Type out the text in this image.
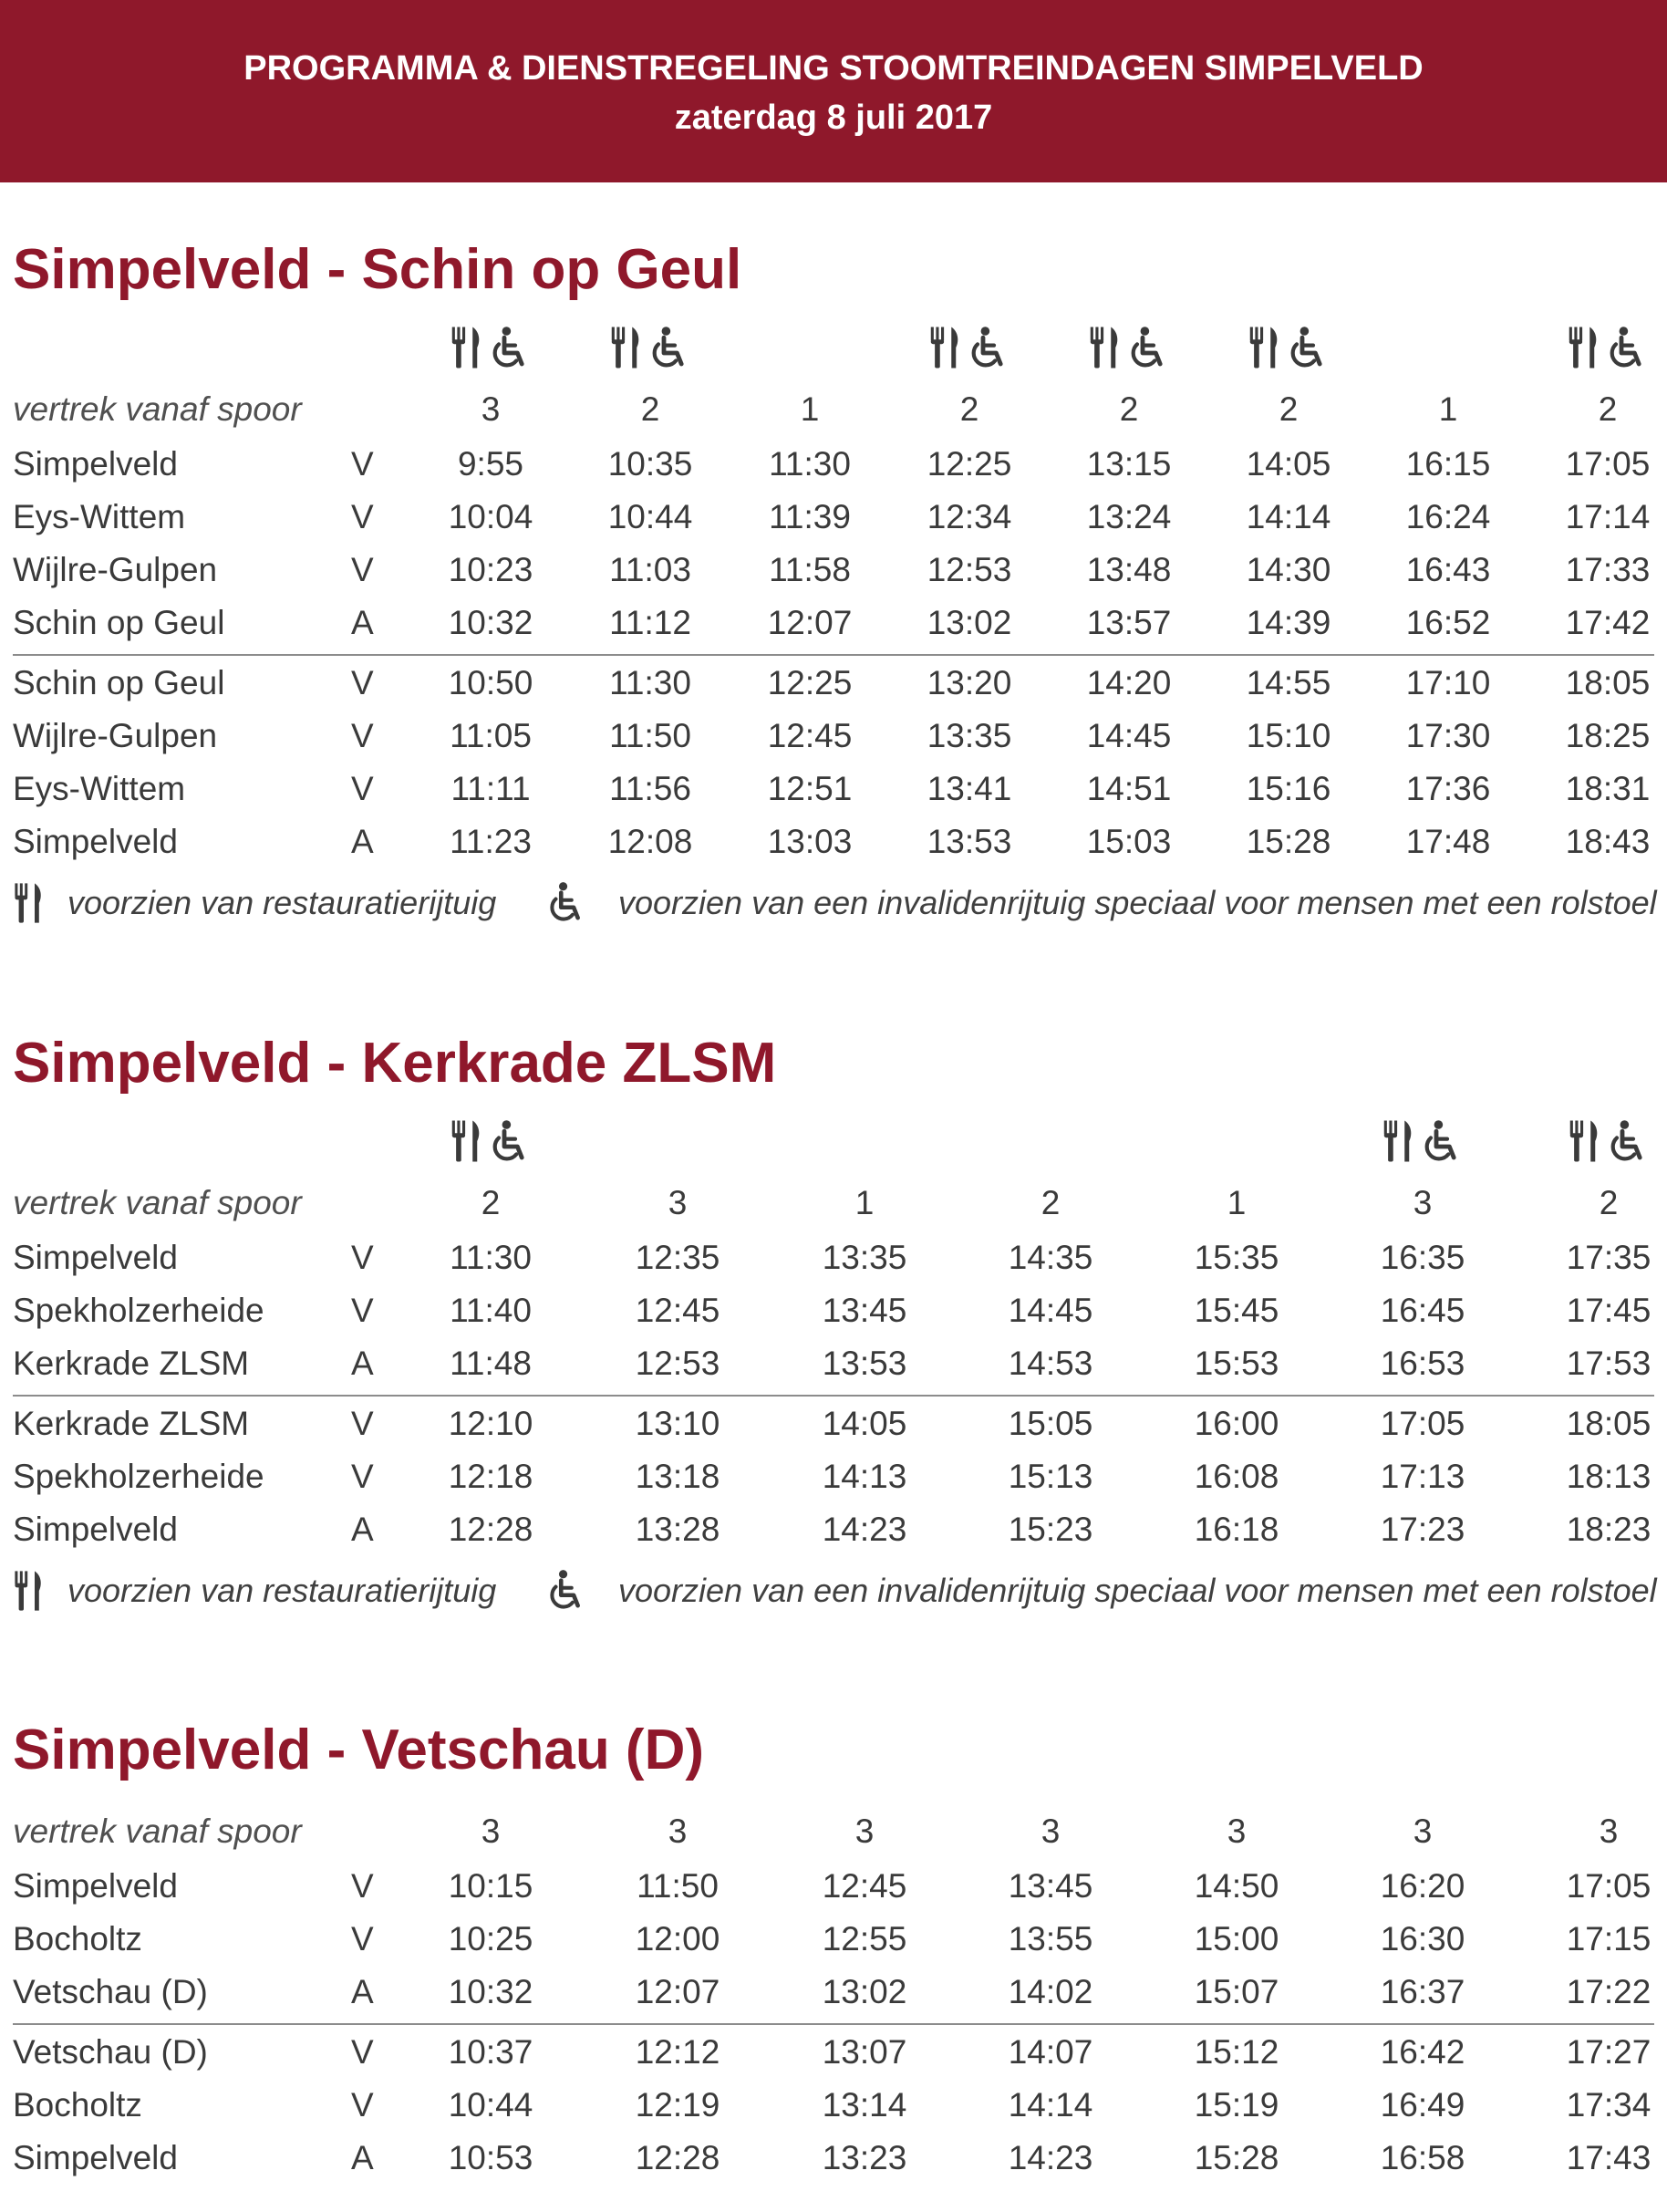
PROGRAMMA & DIENSTREGELING STOOMTREINDAGEN SIMPELVELD
zaterdag 8 juli 2017
Simpelveld - Schin op Geul
vertrek vanaf spoor	3	2	1	2	2	2	1	2
Simpelveld	V	9:55	10:35	11:30	12:25	13:15	14:05	16:15	17:05
Eys-Wittem	V	10:04	10:44	11:39	12:34	13:24	14:14	16:24	17:14
Wijlre-Gulpen	V	10:23	11:03	11:58	12:53	13:48	14:30	16:43	17:33
Schin op Geul	A	10:32	11:12	12:07	13:02	13:57	14:39	16:52	17:42
Schin op Geul	V	10:50	11:30	12:25	13:20	14:20	14:55	17:10	18:05
Wijlre-Gulpen	V	11:05	11:50	12:45	13:35	14:45	15:10	17:30	18:25
Eys-Wittem	V	11:11	11:56	12:51	13:41	14:51	15:16	17:36	18:31
Simpelveld	A	11:23	12:08	13:03	13:53	15:03	15:28	17:48	18:43
voorzien van restauratierijtuig	voorzien van een invalidenrijtuig speciaal voor mensen met een rolstoel
Simpelveld - Kerkrade ZLSM
vertrek vanaf spoor	2	3	1	2	1	3	2
Simpelveld	V	11:30	12:35	13:35	14:35	15:35	16:35	17:35
Spekholzerheide	V	11:40	12:45	13:45	14:45	15:45	16:45	17:45
Kerkrade ZLSM	A	11:48	12:53	13:53	14:53	15:53	16:53	17:53
Kerkrade ZLSM	V	12:10	13:10	14:05	15:05	16:00	17:05	18:05
Spekholzerheide	V	12:18	13:18	14:13	15:13	16:08	17:13	18:13
Simpelveld	A	12:28	13:28	14:23	15:23	16:18	17:23	18:23
voorzien van restauratierijtuig	voorzien van een invalidenrijtuig speciaal voor mensen met een rolstoel
Simpelveld - Vetschau (D)
vertrek vanaf spoor	3	3	3	3	3	3	3
Simpelveld	V	10:15	11:50	12:45	13:45	14:50	16:20	17:05
Bocholtz	V	10:25	12:00	12:55	13:55	15:00	16:30	17:15
Vetschau (D)	A	10:32	12:07	13:02	14:02	15:07	16:37	17:22
Vetschau (D)	V	10:37	12:12	13:07	14:07	15:12	16:42	17:27
Bocholtz	V	10:44	12:19	13:14	14:14	15:19	16:49	17:34
Simpelveld	A	10:53	12:28	13:23	14:23	15:28	16:58	17:43
